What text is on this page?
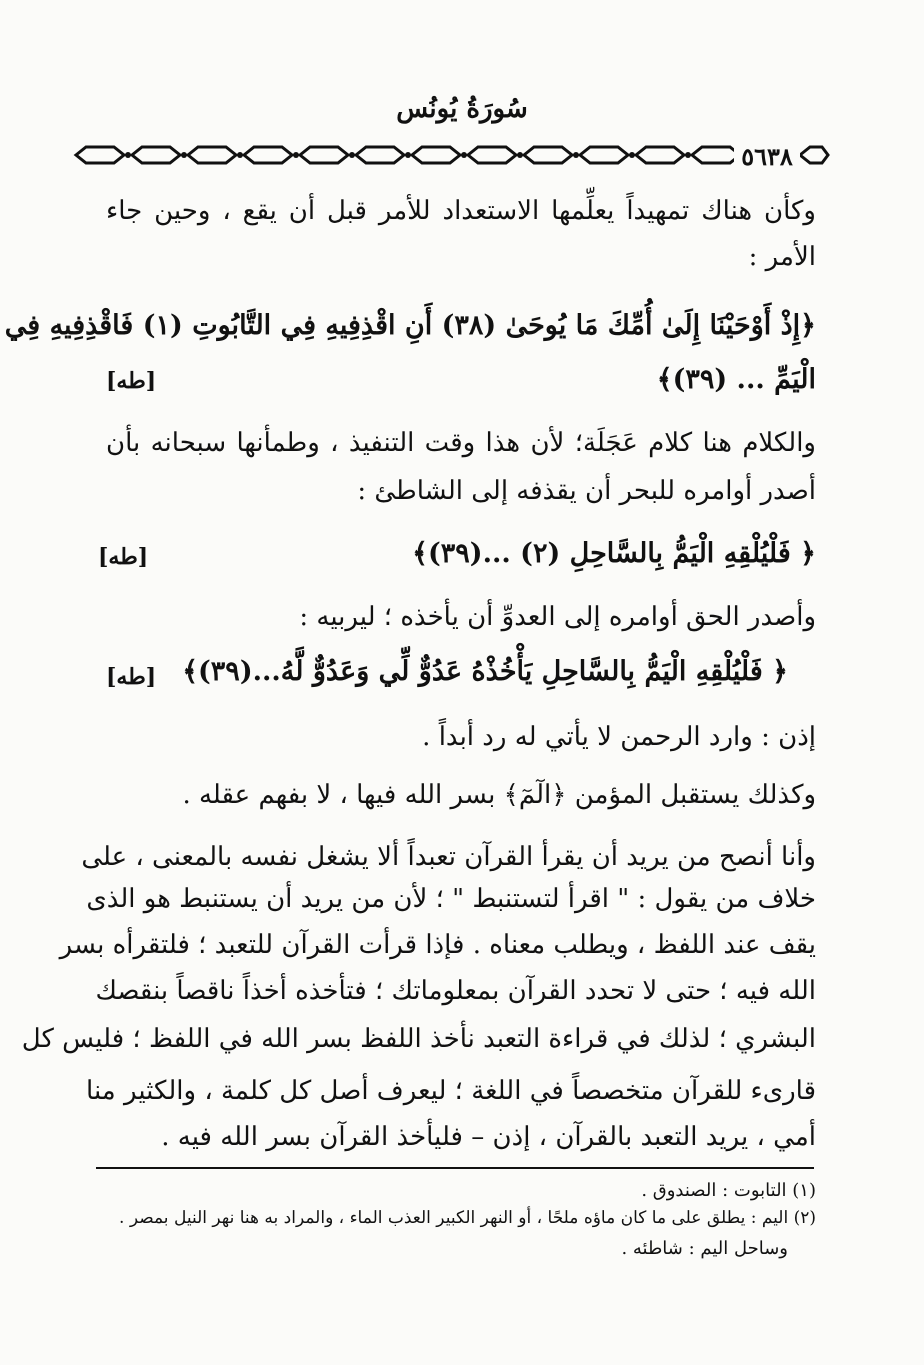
سُورَةُ يُونُس
٥٦٣٨
وكأن هناك تمهيداً يعلِّمها الاستعداد للأمر قبل أن يقع ، وحين جاء
الأمر :
﴿إِذْ أَوْحَيْنَا إِلَىٰ أُمِّكَ مَا يُوحَىٰ (٣٨) أَنِ اقْذِفِيهِ فِي التَّابُوتِ (١) فَاقْذِفِيهِ فِي
الْيَمِّ ... (٣٩)﴾
[طه]
والكلام هنا كلام عَجَلَة؛ لأن هذا وقت التنفيذ ، وطمأنها سبحانه بأن
أصدر أوامره للبحر أن يقذفه إلى الشاطئ :
﴿ فَلْيُلْقِهِ الْيَمُّ بِالسَّاحِلِ (٢) ...(٣٩)﴾
[طه]
وأصدر الحق أوامره إلى العدوِّ أن يأخذه ؛ ليربيه :
﴿ فَلْيُلْقِهِ الْيَمُّ بِالسَّاحِلِ يَأْخُذْهُ عَدُوٌّ لِّي وَعَدُوٌّ لَّهُ...(٣٩)﴾
[طه]
إذن : وارد الرحمن لا يأتي له رد أبداً .
وكذلك يستقبل المؤمن ﴿الٓمٓ﴾ بسر الله فيها ، لا بفهم عقله .
وأنا أنصح من يريد أن يقرأ القرآن تعبداً ألا يشغل نفسه بالمعنى ، على
خلاف من يقول : " اقرأ لتستنبط " ؛ لأن من يريد أن يستنبط هو الذى
يقف عند اللفظ ، ويطلب معناه . فإذا قرأت القرآن للتعبد ؛ فلتقرأه بسر
الله فيه ؛ حتى لا تحدد القرآن بمعلوماتك ؛ فتأخذه أخذاً ناقصاً بنقصك
البشري ؛ لذلك في قراءة التعبد نأخذ اللفظ بسر الله في اللفظ ؛ فليس كل
قارىء للقرآن متخصصاً في اللغة ؛ ليعرف أصل كل كلمة ، والكثير منا
أمي ، يريد التعبد بالقرآن ، إذن – فليأخذ القرآن بسر الله فيه .
(١) التابوت : الصندوق .
(٢) اليم : يطلق على ما كان ماؤه ملحًا ، أو النهر الكبير العذب الماء ، والمراد به هنا نهر النيل بمصر .
وساحل اليم : شاطئه .
